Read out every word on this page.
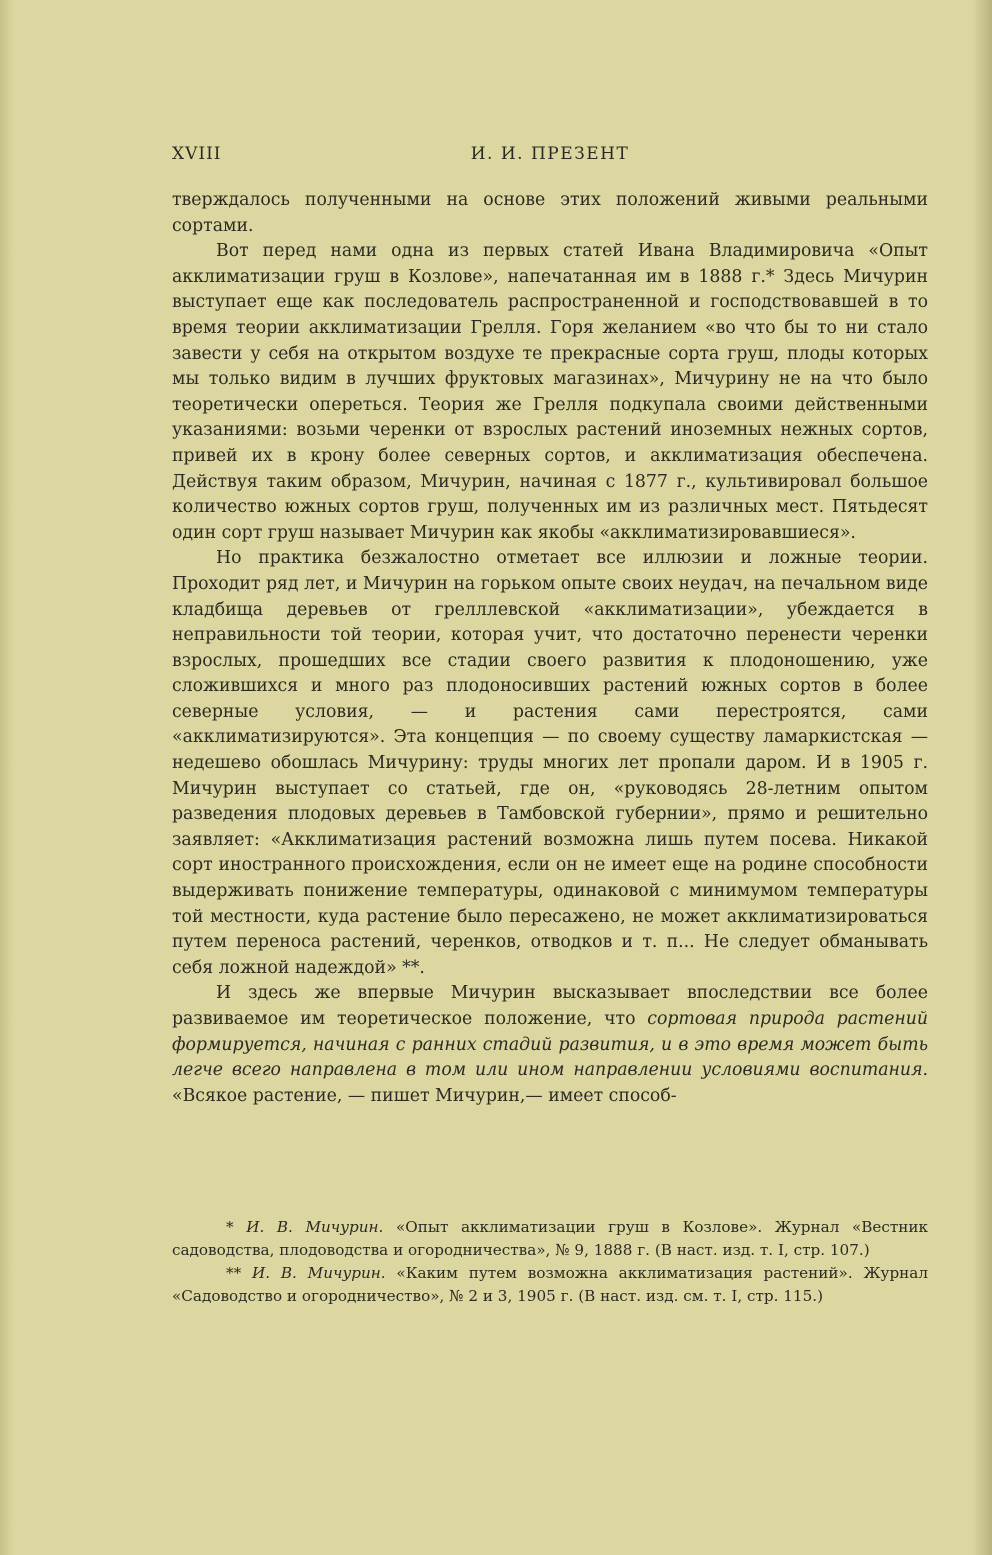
XVIII	И. И. ПРЕЗЕНТ

тверждалось полученными на основе этих положений живыми реальными сортами.

Вот перед нами одна из первых статей Ивана Владимировича «Опыт акклиматизации груш в Козлове», напечатанная им в 1888 г.* Здесь Мичурин выступает еще как последователь распространенной и господствовавшей в то время теории акклиматизации Грелля. Горя желанием «во что бы то ни стало завести у себя на открытом воздухе те прекрасные сорта груш, плоды которых мы только видим в лучших фруктовых магазинах», Мичурину не на что было теоретически опереться. Теория же Грелля подкупала своими действенными указаниями: возьми черенки от взрослых растений иноземных нежных сортов, привей их в крону более северных сортов, и акклиматизация обеспечена. Действуя таким образом, Мичурин, начиная с 1877 г., культивировал большое количество южных сортов груш, полученных им из различных мест. Пятьдесят один сорт груш называет Мичурин как якобы «акклиматизировавшиеся».

Но практика безжалостно отметает все иллюзии и ложные теории. Проходит ряд лет, и Мичурин на горьком опыте своих неудач, на печальном виде кладбища деревьев от грелллевской «акклиматизации», убеждается в неправильности той теории, которая учит, что достаточно перенести черенки взрослых, прошедших все стадии своего развития к плодоношению, уже сложившихся и много раз плодоносивших растений южных сортов в более северные условия, — и растения сами перестроятся, сами «акклиматизируются». Эта концепция — по своему существу ламаркистская — недешево обошлась Мичурину: труды многих лет пропали даром. И в 1905 г. Мичурин выступает со статьей, где он, «руководясь 28-летним опытом разведения плодовых деревьев в Тамбовской губернии», прямо и решительно заявляет: «Акклиматизация растений возможна лишь путем посева. Никакой сорт иностранного происхождения, если он не имеет еще на родине способности выдерживать понижение температуры, одинаковой с минимумом температуры той местности, куда растение было пересажено, не может акклиматизироваться путем переноса растений, черенков, отводков и т. п... Не следует обманывать себя ложной надеждой» **.

И здесь же впервые Мичурин высказывает впоследствии все более развиваемое им теоретическое положение, что сортовая природа растений формируется, начиная с ранних стадий развития, и в это время может быть легче всего направлена в том или ином направлении условиями воспитания. «Всякое растение, — пишет Мичурин,— имеет способ-

* И. В. Мичурин. «Опыт акклиматизации груш в Козлове». Журнал «Вестник садоводства, плодоводства и огородничества», № 9, 1888 г. (В наст. изд. т. I, стр. 107.)

** И. В. Мичурин. «Каким путем возможна акклиматизация растений». Журнал «Садоводство и огородничество», № 2 и 3, 1905 г. (В наст. изд. см. т. I, стр. 115.)
